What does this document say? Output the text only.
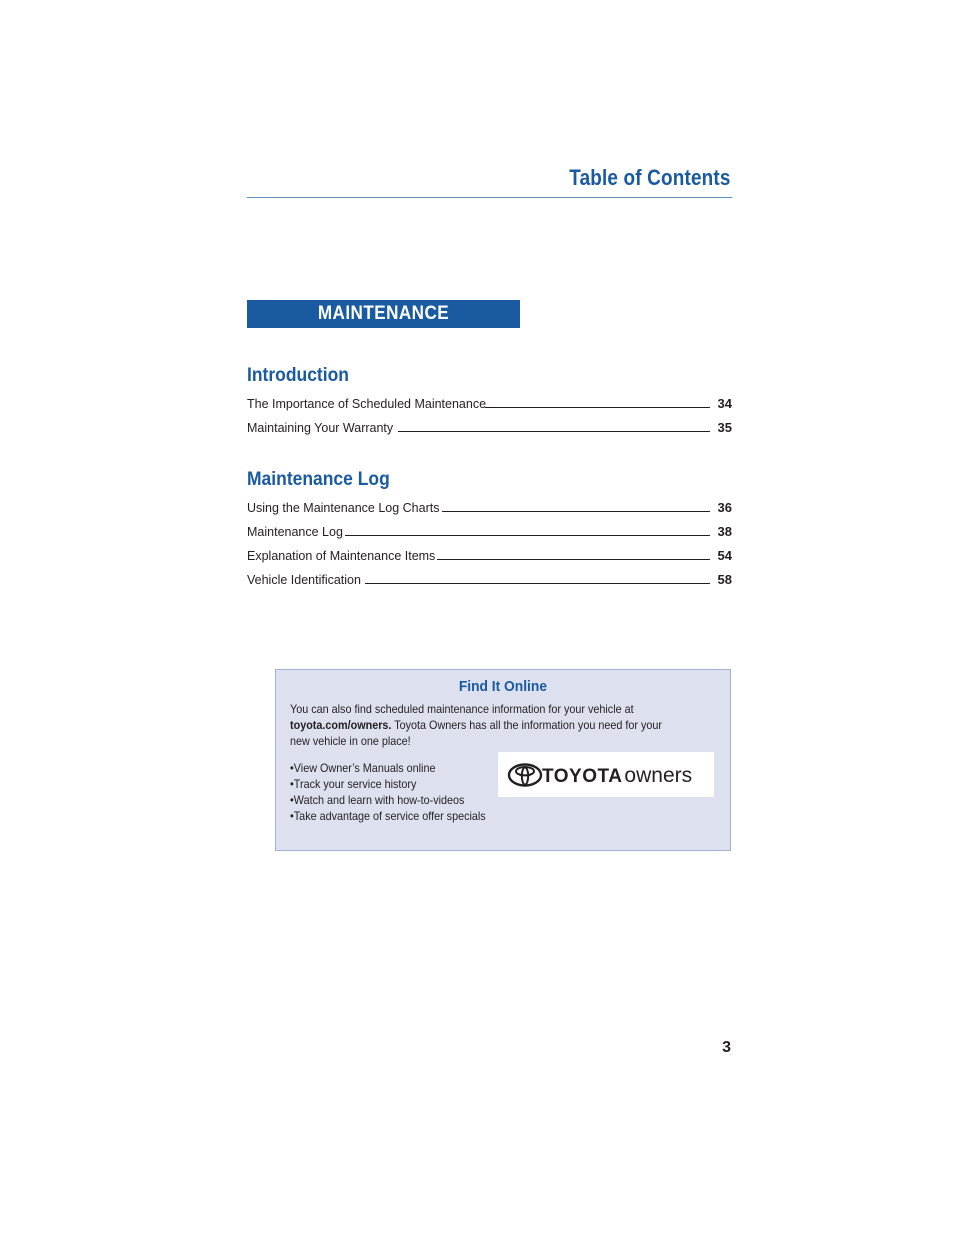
Table of Contents
MAINTENANCE INFORMATION
Introduction
The Importance of Scheduled Maintenance	34
Maintaining Your Warranty	35
Maintenance Log
Using the Maintenance Log Charts	36
Maintenance Log	38
Explanation of Maintenance Items	54
Vehicle Identification	58
Find It Online
You can also find scheduled maintenance information for your vehicle at
toyota.com/owners. Toyota Owners has all the information you need for your
new vehicle in one place!
•View Owner’s Manuals online
•Track your service history
•Watch and learn with how-to-videos
•Take advantage of service offer specials
TOYOTAowners
3
